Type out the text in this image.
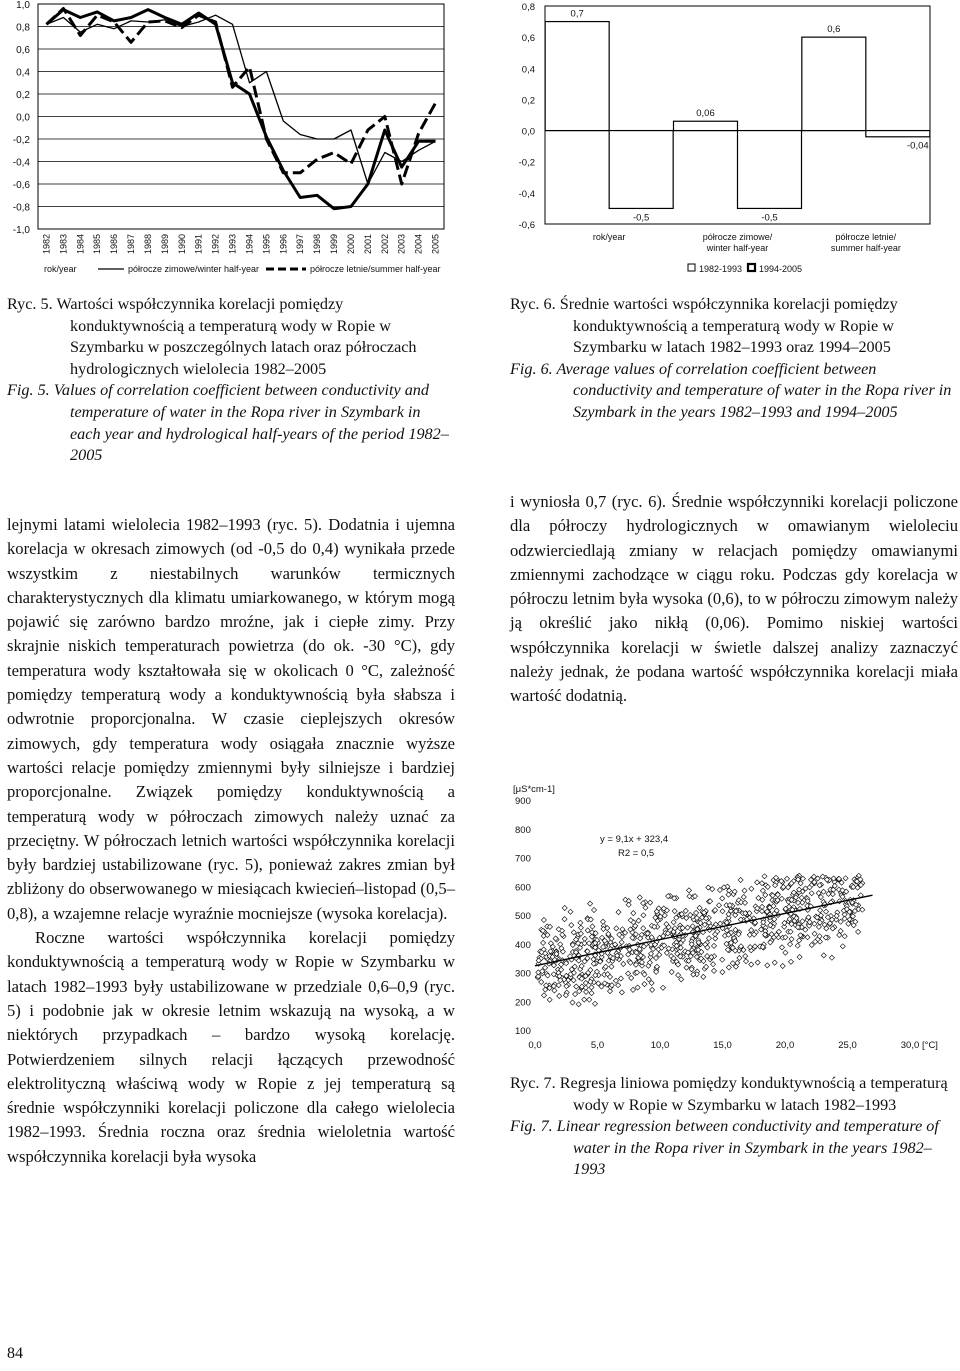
1,0
0,8
0,6
0,4
0,2
0,0
-0,2
-0,4
-0,6
-0,8
-1,0
1982 1983 1984 1985 1986 1987 1988 1989 1990 1991 1992 1993 1994 1995 1996 1997 1998 1999 2000 2001 2002 2003 2004 2005
rok/year	półrocze zimowe/winter half-year	półrocze letnie/summer half-year
0,8
0,6
0,4
0,2
0,0
-0,2
-0,4
-0,6
0,7
-0,5
rok/year
0,06
-0,5
półrocze zimowe/
winter half-year
0,6
-0,04
półrocze letnie/
summer half-year
1982-1993 1994-2005
Ryc. 5. Wartości współczynnika korelacji pomiędzy konduktywnością a temperaturą wody w Ropie w Szymbarku w poszczególnych latach oraz półroczach hydrologicznych wielolecia 1982–2005
Fig. 5. Values of correlation coefficient between conductivity and temperature of water in the Ropa river in Szymbark in each year and hydrological half-years of the period 1982–2005
Ryc. 6. Średnie wartości współczynnika korelacji pomiędzy konduktywnością a temperaturą wody w Ropie w Szymbarku w latach 1982–1993 oraz 1994–2005
Fig. 6. Average values of correlation coefficient between conductivity and temperature of water in the Ropa river in Szymbark in the years 1982–1993 and 1994–2005

lejnymi latami wielolecia 1982–1993 (ryc. 5). Dodatnia i ujemna korelacja w okresach zimowych (od -0,5 do 0,4) wynikała przede wszystkim z niestabilnych warunków termicznych charakterystycznych dla klimatu umiarkowanego, w którym mogą pojawić się zarówno bardzo mroźne, jak i ciepłe zimy. Przy skrajnie niskich temperaturach powietrza (do ok. -30 °C), gdy temperatura wody kształtowała się w okolicach 0 °C, zależność pomiędzy temperaturą wody a konduktywnością była słabsza i odwrotnie proporcjonalna. W czasie cieplejszych okresów zimowych, gdy temperatura wody osiągała znacznie wyższe wartości relacje pomiędzy zmiennymi były silniejsze i bardziej proporcjonalne. Związek pomiędzy konduktywnością a temperaturą wody w półroczach zimowych należy uznać za przeciętny. W półroczach letnich wartości współczynnika korelacji były bardziej ustabilizowane (ryc. 5), ponieważ zakres zmian był zbliżony do obserwowanego w miesiącach kwiecień–listopad (0,5–0,8), a wzajemne relacje wyraźnie mocniejsze (wysoka korelacja).

Roczne wartości współczynnika korelacji pomiędzy konduktywnością a temperaturą wody w Ropie w Szymbarku w latach 1982–1993 były ustabilizowane w przedziale 0,6–0,9 (ryc. 5) i podobnie jak w okresie letnim wskazują na wysoką, a w niektórych przypadkach – bardzo wysoką korelację. Potwierdzeniem silnych relacji łączących przewodność elektrolityczną właściwą wody w Ropie z jej temperaturą są średnie współczynniki korelacji policzone dla całego wielolecia 1982–1993. Średnia roczna oraz średnia wieloletnia wartość współczynnika korelacji była wysoka

i wyniosła 0,7 (ryc. 6). Średnie współczynniki korelacji policzone dla półroczy hydrologicznych w omawianym wieloleciu odzwierciedlają zmiany w relacjach pomiędzy omawianymi zmiennymi zachodzące w ciągu roku. Podczas gdy korelacja w półroczu letnim była wysoka (0,6), to w półroczu zimowym należy ją określić jako nikłą (0,06). Pomimo niskiej wartości współczynnika korelacji w świetle dalszej analizy zaznaczyć należy jednak, że podana wartość współczynnika korelacji miała wartość dodatnią.

[μS*cm-1]
900
800
700
600
500
400
300
200
100
0,0	5,0	10,0	15,0	20,0	25,0	30,0 [°C]
y = 9,1x + 323,4
R2 = 0,5
Ryc. 7. Regresja liniowa pomiędzy konduktywnością a temperaturą wody w Ropie w Szymbarku w latach 1982–1993
Fig. 7. Linear regression between conductivity and temperature of water in the Ropa river in Szymbark in the years 1982–1993
84
